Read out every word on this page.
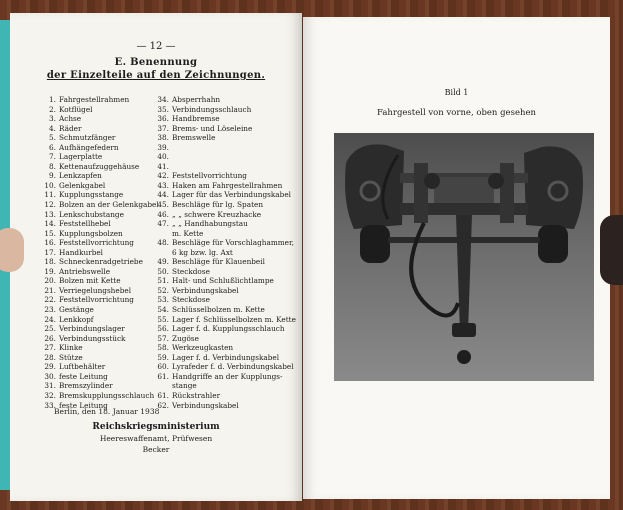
— 12 —
E. Benennung
der Einzelteile auf den Zeichnungen.
1. Fahrgestellrahmen
2. Kotflügel
3. Achse
4. Räder
5. Schmutzfänger
6. Aufhängefedern
7. Lagerplatte
8. Kettenaufzuggehäuse
9. Lenkzapfen
10. Gelenkgabel
11. Kupplungsstange
12. Bolzen an der Gelenkgabel
13. Lenkschubstange
14. Feststellhebel
15. Kupplungsbolzen
16. Feststellvorrichtung
17. Handkurbel
18. Schneckenradgetriebe
19. Antriebswelle
20. Bolzen mit Kette
21. Verriegelungshebel
22. Feststellvorrichtung
23. Gestänge
24. Lenkkopf
25. Verbindungslager
26. Verbindungsstück
27. Klinke
28. Stütze
29. Luftbehälter
30. feste Leitung
31. Bremszylinder
32. Bremskupplungsschlauch
33. feste Leitung
34. Absperrhahn
35. Verbindungsschlauch
36. Handbremse
37. Brems- und Löseleine
38. Bremswelle
39.
40.
41.
42. Feststellvorrichtung
43. Haken am Fahrgestellrahmen
44. Lager für das Verbindungskabel
45. Beschläge für lg. Spaten
46. „ „ schwere Kreuzhacke
47. „ „ Handhabungstau
m. Kette
48. Beschläge für Vorschlaghammer,
6 kg bzw. lg. Axt
49. Beschläge für Klauenbeil
50. Steckdose
51. Halt- und Schlußlichtlampe
52. Verbindungskabel
53. Steckdose
54. Schlüsselbolzen m. Kette
55. Lager f. Schlüsselbolzen m. Kette
56. Lager f. d. Kupplungsschlauch
57. Zugöse
58. Werkzeugkasten
59. Lager f. d. Verbindungskabel
60. Lyrafeder f. d. Verbindungskabel
61. Handgriffe an der Kupplungs-
stange
61. Rückstrahler
62. Verbindungskabel
Berlin, den 18. Januar 1938
Reichskriegsministerium
Heereswaffenamt, Prüfwesen
Becker
Bild 1
Fahrgestell von vorne, oben gesehen
